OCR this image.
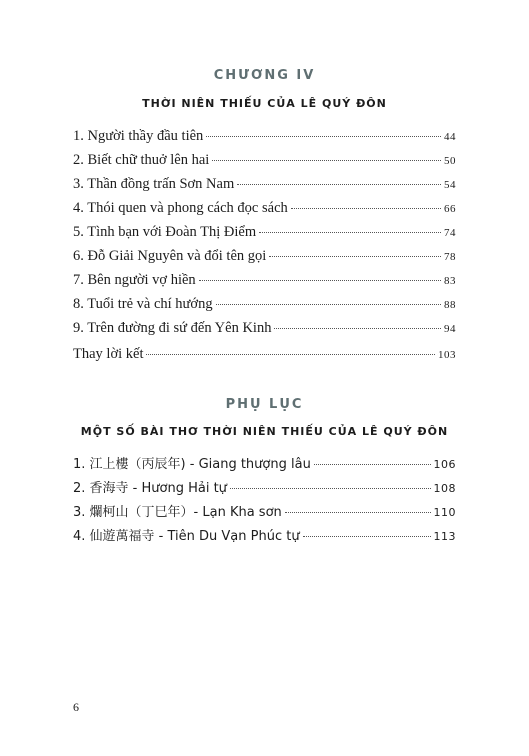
CHƯƠNG IV
THỜI NIÊN THIẾU CỦA LÊ QUÝ ĐÔN
1. Người thầy đầu tiên	44
2. Biết chữ thuở lên hai	50
3. Thần đồng trấn Sơn Nam	54
4. Thói quen và phong cách đọc sách	66
5. Tình bạn với Đoàn Thị Điểm	74
6. Đỗ Giải Nguyên và đổi tên gọi	78
7. Bên người vợ hiền	83
8. Tuổi trẻ và chí hướng	88
9. Trên đường đi sứ đến Yên Kinh	94
Thay lời kết	103
PHỤ LỤC
MỘT SỐ BÀI THƠ THỜI NIÊN THIẾU CỦA LÊ QUÝ ĐÔN
1. 江上樓（丙辰年) - Giang thượng lâu	106
2. 香海寺 - Hương Hải tự	108
3. 爛柯山（丁巳年）- Lạn Kha sơn	110
4. 仙遊萬福寺 - Tiên Du Vạn Phúc tự	113
6
